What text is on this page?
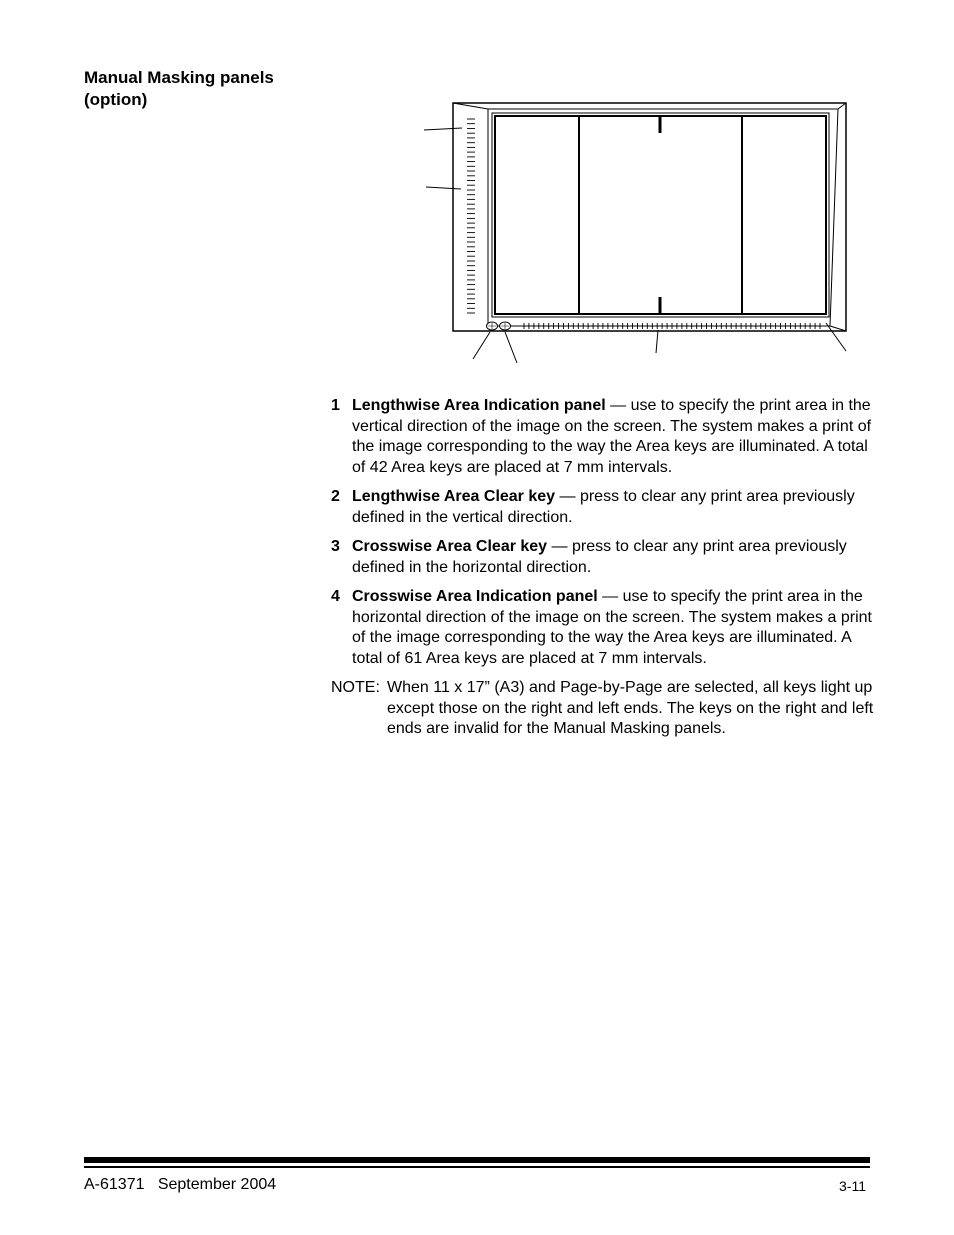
Manual Masking panels
(option)
1 Lengthwise Area Indication panel — use to specify the print area in the vertical direction of the image on the screen. The system makes a print of the image corresponding to the way the Area keys are illuminated. A total of 42 Area keys are placed at 7 mm intervals.
2 Lengthwise Area Clear key — press to clear any print area previously defined in the vertical direction.
3 Crosswise Area Clear key — press to clear any print area previously defined in the horizontal direction.
4 Crosswise Area Indication panel — use to specify the print area in the horizontal direction of the image on the screen. The system makes a print of the image corresponding to the way the Area keys are illuminated. A total of 61 Area keys are placed at 7 mm intervals.
NOTE: When 11 x 17” (A3) and Page-by-Page are selected, all keys light up except those on the right and left ends. The keys on the right and left ends are invalid for the Manual Masking panels.
A-61371   September 2004	3-11
